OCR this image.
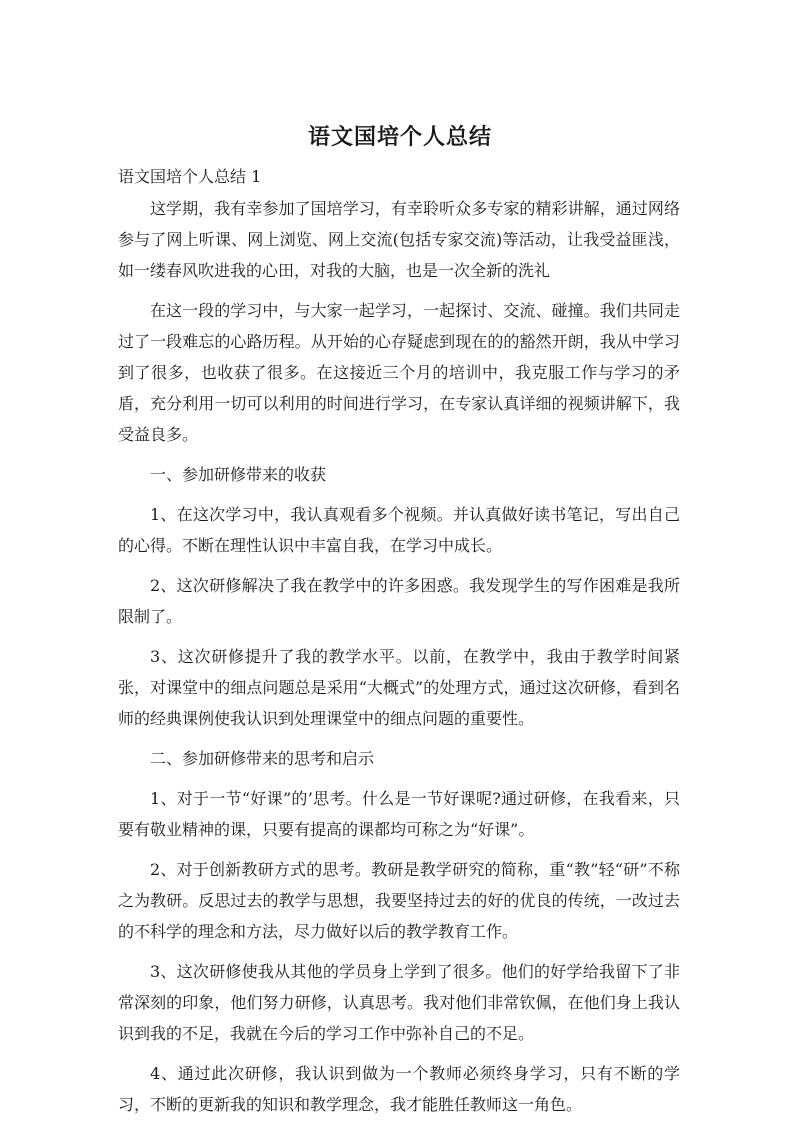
语文国培个人总结

语文国培个人总结 1

这学期，我有幸参加了国培学习，有幸聆听众多专家的精彩讲解，通过网络参与了网上听课、网上浏览、网上交流(包括专家交流)等活动，让我受益匪浅，如一缕春风吹进我的心田，对我的大脑，也是一次全新的洗礼

在这一段的学习中，与大家一起学习，一起探讨、交流、碰撞。我们共同走过了一段难忘的心路历程。从开始的心存疑虑到现在的的豁然开朗，我从中学习到了很多，也收获了很多。在这接近三个月的培训中，我克服工作与学习的矛盾，充分利用一切可以利用的时间进行学习，在专家认真详细的视频讲解下，我受益良多。

一、参加研修带来的收获

1、在这次学习中，我认真观看多个视频。并认真做好读书笔记，写出自己的心得。不断在理性认识中丰富自我，在学习中成长。

2、这次研修解决了我在教学中的许多困惑。我发现学生的写作困难是我所限制了。

3、这次研修提升了我的教学水平。以前，在教学中，我由于教学时间紧张，对课堂中的细点问题总是采用“大概式”的处理方式，通过这次研修，看到名师的经典课例使我认识到处理课堂中的细点问题的重要性。

二、参加研修带来的思考和启示

1、对于一节“好课”的’思考。什么是一节好课呢?通过研修，在我看来，只要有敬业精神的课，只要有提高的课都均可称之为“好课”。

2、对于创新教研方式的思考。教研是教学研究的简称，重“教”轻“研”不称之为教研。反思过去的教学与思想，我要坚持过去的好的优良的传统，一改过去的不科学的理念和方法，尽力做好以后的教学教育工作。

3、这次研修使我从其他的学员身上学到了很多。他们的好学给我留下了非常深刻的印象，他们努力研修，认真思考。我对他们非常钦佩，在他们身上我认识到我的不足，我就在今后的学习工作中弥补自己的不足。

4、通过此次研修，我认识到做为一个教师必须终身学习，只有不断的学习，不断的更新我的知识和教学理念，我才能胜任教师这一角色。
